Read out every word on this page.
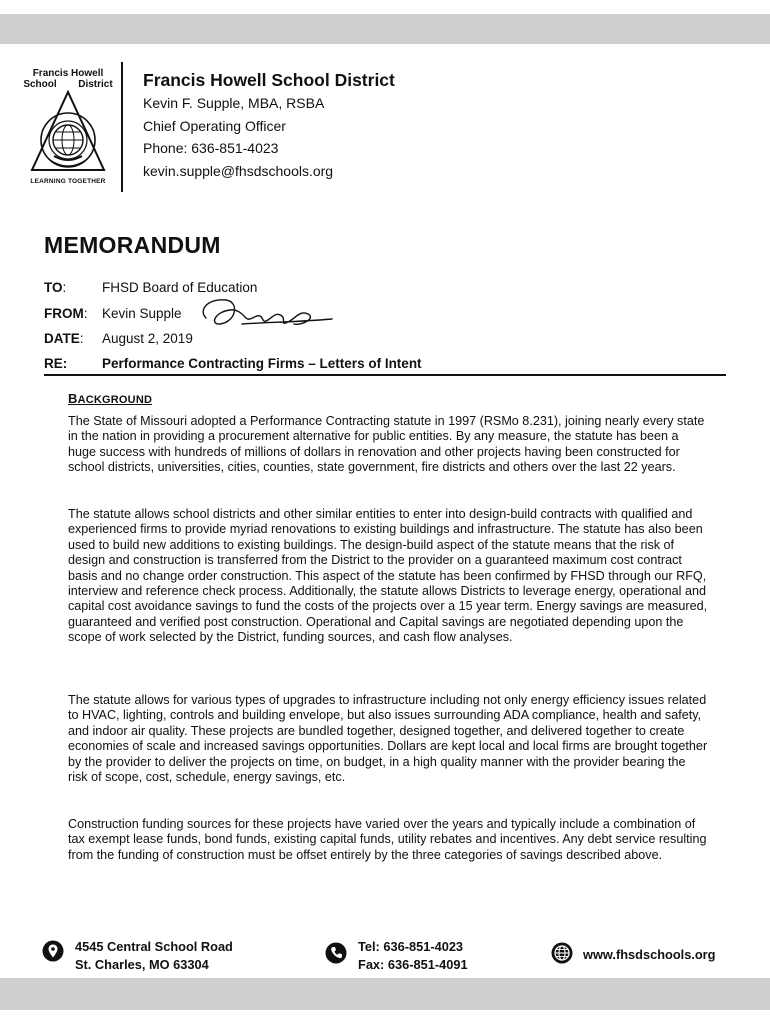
Francis Howell
School District
LEARNING TOGETHER
Francis Howell School District
Kevin F. Supple, MBA, RSBA
Chief Operating Officer
Phone: 636-851-4023
kevin.supple@fhsdschools.org
MEMORANDUM
TO:	FHSD Board of Education
FROM: Kevin Supple
DATE: August 2, 2019
RE:	Performance Contracting Firms – Letters of Intent
BACKGROUND

The State of Missouri adopted a Performance Contracting statute in 1997 (RSMo 8.231), joining nearly every state in the nation in providing a procurement alternative for public entities. By any measure, the statute has been a huge success with hundreds of millions of dollars in renovation and other projects having been constructed for school districts, universities, cities, counties, state government, fire districts and others over the last 22 years.

The statute allows school districts and other similar entities to enter into design-build contracts with qualified and experienced firms to provide myriad renovations to existing buildings and infrastructure. The statute has also been used to build new additions to existing buildings. The design-build aspect of the statute means that the risk of design and construction is transferred from the District to the provider on a guaranteed maximum cost contract basis and no change order construction. This aspect of the statute has been confirmed by FHSD through our RFQ, interview and reference check process. Additionally, the statute allows Districts to leverage energy, operational and capital cost avoidance savings to fund the costs of the projects over a 15 year term. Energy savings are measured, guaranteed and verified post construction. Operational and Capital savings are negotiated depending upon the scope of work selected by the District, funding sources, and cash flow analyses.

The statute allows for various types of upgrades to infrastructure including not only energy efficiency issues related to HVAC, lighting, controls and building envelope, but also issues surrounding ADA compliance, health and safety, and indoor air quality. These projects are bundled together, designed together, and delivered together to create economies of scale and increased savings opportunities. Dollars are kept local and local firms are brought together by the provider to deliver the projects on time, on budget, in a high quality manner with the provider bearing the risk of scope, cost, schedule, energy savings, etc.

Construction funding sources for these projects have varied over the years and typically include a combination of tax exempt lease funds, bond funds, existing capital funds, utility rebates and incentives. Any debt service resulting from the funding of construction must be offset entirely by the three categories of savings described above.

4545 Central School Road
St. Charles, MO 63304
Tel: 636-851-4023
Fax: 636-851-4091
www.fhsdschools.org
